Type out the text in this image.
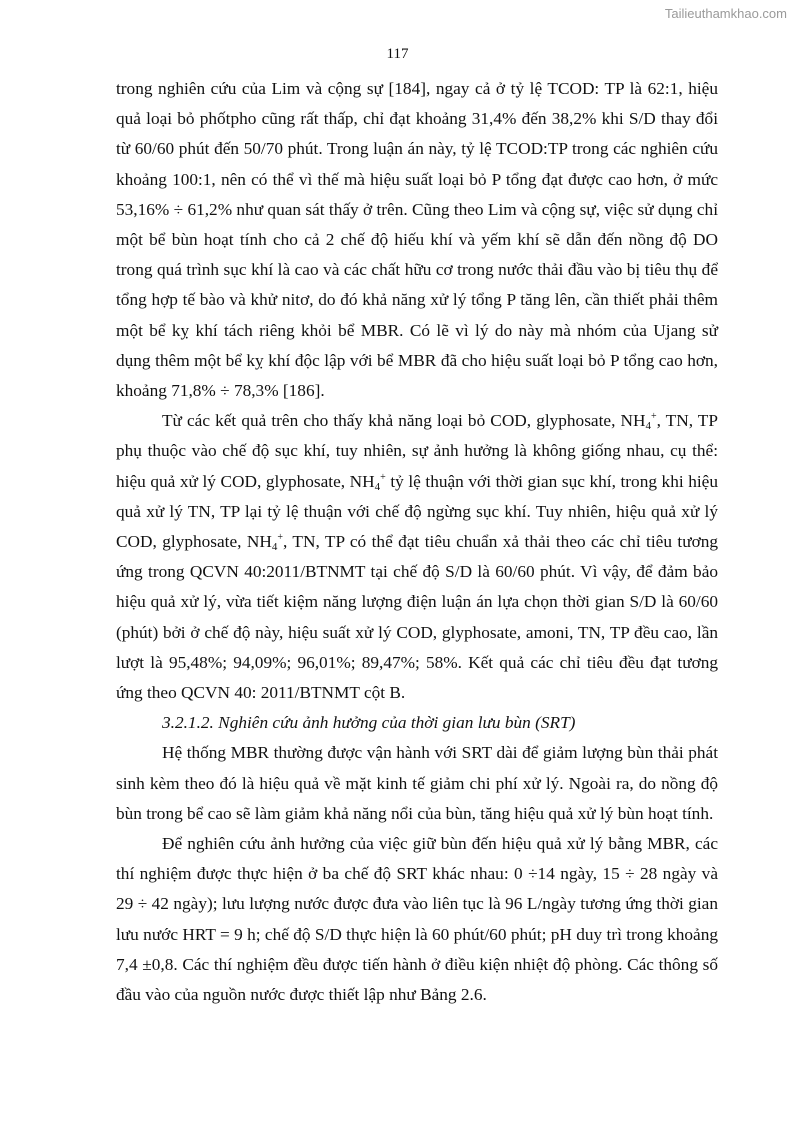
Tailieuthamkhao.com
117

trong nghiên cứu của Lim và cộng sự [184], ngay cả ở tỷ lệ TCOD: TP là 62:1, hiệu quả loại bỏ phốtpho cũng rất thấp, chỉ đạt khoảng 31,4% đến 38,2% khi S/D thay đổi từ 60/60 phút đến 50/70 phút. Trong luận án này, tỷ lệ TCOD:TP trong các nghiên cứu khoảng 100:1, nên có thể vì thế mà hiệu suất loại bỏ P tổng đạt được cao hơn, ở mức 53,16% ÷ 61,2% như quan sát thấy ở trên. Cũng theo Lim và cộng sự, việc sử dụng chỉ một bể bùn hoạt tính cho cả 2 chế độ hiếu khí và yếm khí sẽ dẫn đến nồng độ DO trong quá trình sục khí là cao và các chất hữu cơ trong nước thải đầu vào bị tiêu thụ để tổng hợp tế bào và khử nitơ, do đó khả năng xử lý tổng P tăng lên, cần thiết phải thêm một bể kỵ khí tách riêng khỏi bể MBR. Có lẽ vì lý do này mà nhóm của Ujang sử dụng thêm một bể kỵ khí độc lập với bể MBR đã cho hiệu suất loại bỏ P tổng cao hơn, khoảng 71,8% ÷ 78,3% [186].

Từ các kết quả trên cho thấy khả năng loại bỏ COD, glyphosate, $NH_4^+$, TN, TP phụ thuộc vào chế độ sục khí, tuy nhiên, sự ảnh hưởng là không giống nhau, cụ thể: hiệu quả xử lý COD, glyphosate, $NH_4^+$ tỷ lệ thuận với thời gian sục khí, trong khi hiệu quả xử lý TN, TP lại tỷ lệ thuận với chế độ ngừng sục khí. Tuy nhiên, hiệu quả xử lý COD, glyphosate, $NH_4^+$, TN, TP có thể đạt tiêu chuẩn xả thải theo các chỉ tiêu tương ứng trong QCVN 40:2011/BTNMT tại chế độ S/D là 60/60 phút. Vì vậy, để đảm bảo hiệu quả xử lý, vừa tiết kiệm năng lượng điện luận án lựa chọn thời gian S/D là 60/60 (phút) bởi ở chế độ này, hiệu suất xử lý COD, glyphosate, amoni, TN, TP đều cao, lần lượt là 95,48%; 94,09%; 96,01%; 89,47%; 58%. Kết quả các chỉ tiêu đều đạt tương ứng theo QCVN 40: 2011/BTNMT cột B.

3.2.1.2. Nghiên cứu ảnh hưởng của thời gian lưu bùn (SRT)

Hệ thống MBR thường được vận hành với SRT dài để giảm lượng bùn thải phát sinh kèm theo đó là hiệu quả về mặt kinh tế giảm chi phí xử lý. Ngoài ra, do nồng độ bùn trong bể cao sẽ làm giảm khả năng nổi của bùn, tăng hiệu quả xử lý bùn hoạt tính.

Để nghiên cứu ảnh hưởng của việc giữ bùn đến hiệu quả xử lý bằng MBR, các thí nghiệm được thực hiện ở ba chế độ SRT khác nhau: 0 ÷14 ngày, 15 ÷ 28 ngày và 29 ÷ 42 ngày); lưu lượng nước được đưa vào liên tục là 96 L/ngày tương ứng thời gian lưu nước HRT = 9 h; chế độ S/D thực hiện là 60 phút/60 phút; pH duy trì trong khoảng 7,4 ±0,8. Các thí nghiệm đều được tiến hành ở điều kiện nhiệt độ phòng. Các thông số đầu vào của nguồn nước được thiết lập như Bảng 2.6.
